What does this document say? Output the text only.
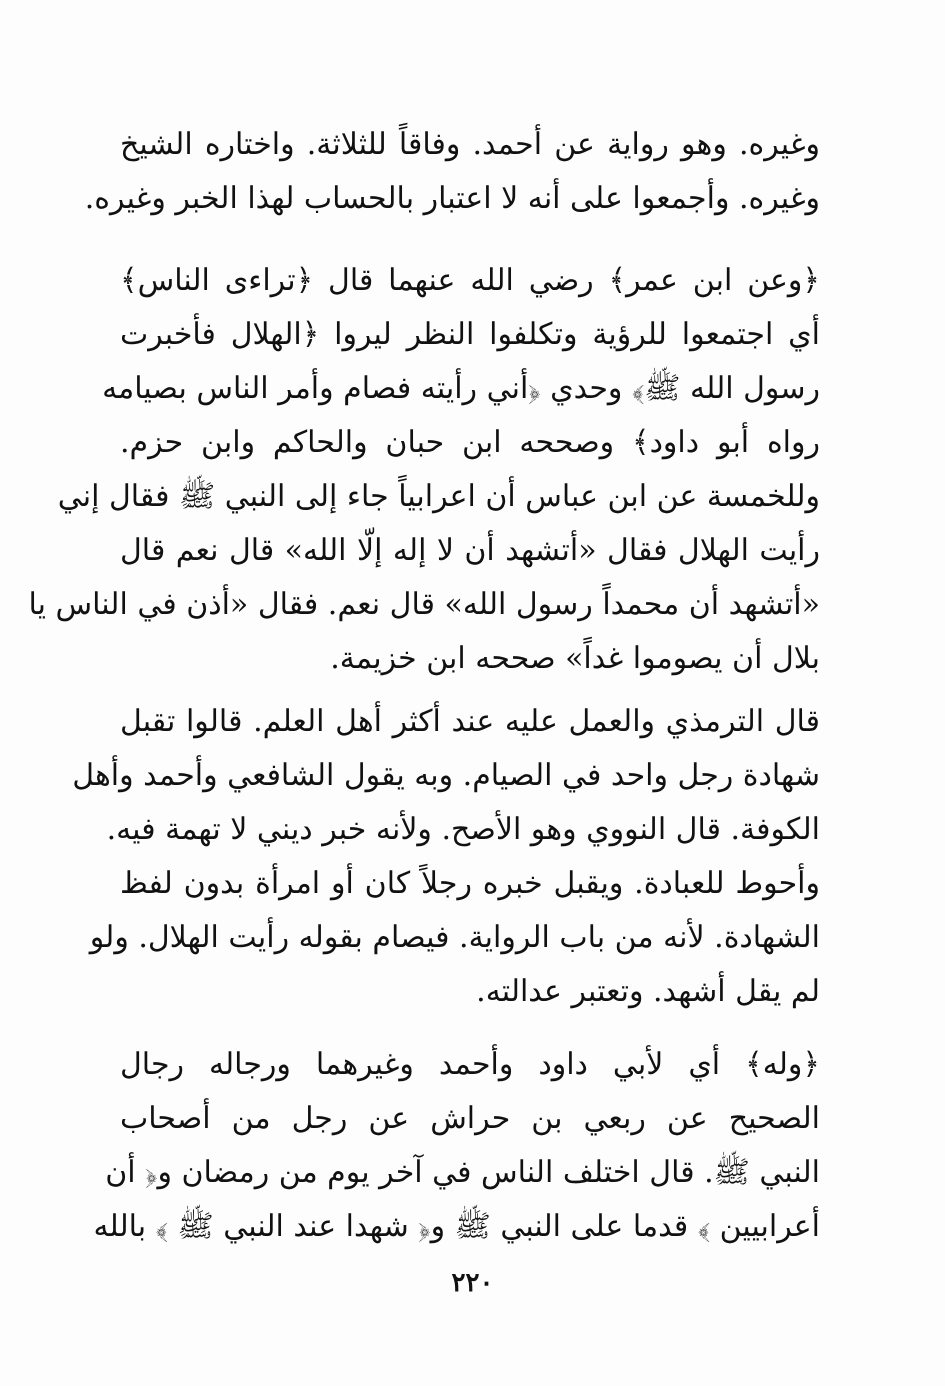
وغيره. وهو رواية عن أحمد. وفاقاً للثلاثة. واختاره الشيخ
وغيره. وأجمعوا على أنه لا اعتبار بالحساب لهذا الخبر وغيره.
﴿وعن ابن عمر﴾ رضي الله عنهما قال ﴿تراءى الناس﴾
أي اجتمعوا للرؤية وتكلفوا النظر ليروا ﴿الهلال فأخبرت
رسول الله ﷺ﴾ وحدي ﴿أني رأيته فصام وأمر الناس بصيامه
رواه أبو داود﴾ وصححه ابن حبان والحاكم وابن حزم.
وللخمسة عن ابن عباس أن اعرابياً جاء إلى النبي ﷺ فقال إني
رأيت الهلال فقال «أتشهد أن لا إله إلّا الله» قال نعم قال
«أتشهد أن محمداً رسول الله» قال نعم. فقال «أذن في الناس يا
بلال أن يصوموا غداً» صححه ابن خزيمة.
قال الترمذي والعمل عليه عند أكثر أهل العلم. قالوا تقبل
شهادة رجل واحد في الصيام. وبه يقول الشافعي وأحمد وأهل
الكوفة. قال النووي وهو الأصح. ولأنه خبر ديني لا تهمة فيه.
وأحوط للعبادة. ويقبل خبره رجلاً كان أو امرأة بدون لفظ
الشهادة. لأنه من باب الرواية. فيصام بقوله رأيت الهلال. ولو
لم يقل أشهد. وتعتبر عدالته.
﴿وله﴾ أي لأبي داود وأحمد وغيرهما ورجاله رجال
الصحيح عن ربعي بن حراش عن رجل من أصحاب
النبي ﷺ. قال اختلف الناس في آخر يوم من رمضان و﴿ أن
أعرابيين ﴾ قدما على النبي ﷺ و﴿ شهدا عند النبي ﷺ ﴾ بالله
٢٢٠
